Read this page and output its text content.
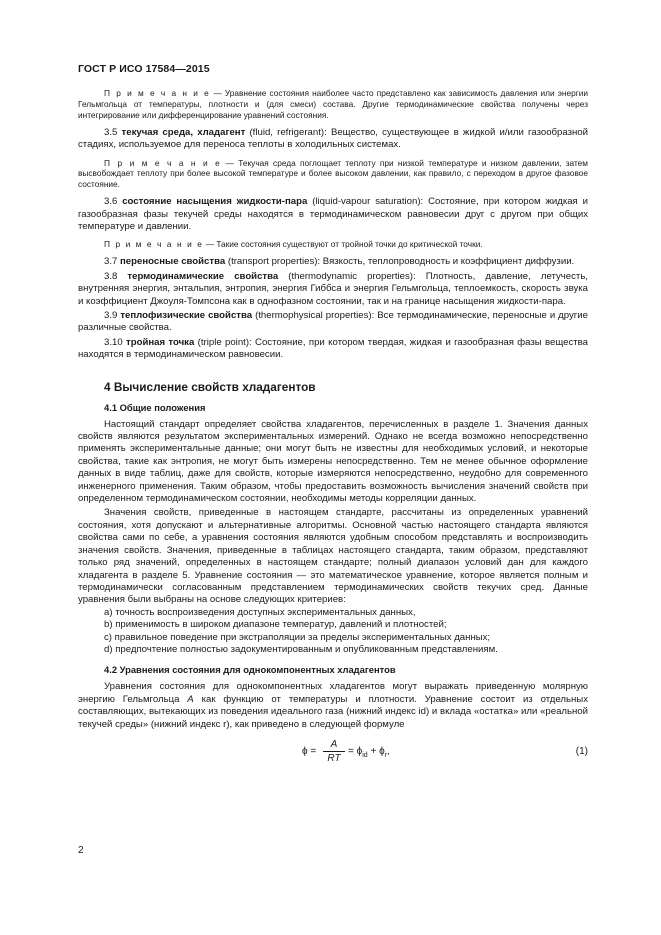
ГОСТ Р ИСО 17584—2015

П р и м е ч а н и е — Уравнение состояния наиболее часто представлено как зависимость давления или энергии Гельмгольца от температуры, плотности и (для смеси) состава. Другие термодинамические свойства получены через интегрирование или дифференцирование уравнений состояния.

3.5 текучая среда, хладагент (fluid, refrigerant): Вещество, существующее в жидкой и/или газообразной стадиях, используемое для переноса теплоты в холодильных системах.

П р и м е ч а н и е — Текучая среда поглощает теплоту при низкой температуре и низком давлении, затем высвобождает теплоту при более высокой температуре и более высоком давлении, как правило, с переходом в другое фазовое состояние.

3.6 состояние насыщения жидкости-пара (liquid-vapour saturation): Состояние, при котором жидкая и газообразная фазы текучей среды находятся в термодинамическом равновесии друг с другом при общих температуре и давлении.

П р и м е ч а н и е — Такие состояния существуют от тройной точки до критической точки.

3.7 переносные свойства (transport properties): Вязкость, теплопроводность и коэффициент диффузии.

3.8 термодинамические свойства (thermodynamic properties): Плотность, давление, летучесть, внутренняя энергия, энтальпия, энтропия, энергия Гиббса и энергия Гельмгольца, теплоемкость, скорость звука и коэффициент Джоуля-Томпсона как в однофазном состоянии, так и на границе насыщения жидкости-пара.

3.9 теплофизические свойства (thermophysical properties): Все термодинамические, переносные и другие различные свойства.

3.10 тройная точка (triple point): Состояние, при котором твердая, жидкая и газообразная фазы вещества находятся в термодинамическом равновесии.

4 Вычисление свойств хладагентов
4.1 Общие положения

Настоящий стандарт определяет свойства хладагентов, перечисленных в разделе 1. Значения данных свойств являются результатом экспериментальных измерений. Однако не всегда возможно непосредственно применять экспериментальные данные; они могут быть не известны для необходимых условий, и некоторые свойства, такие как энтропия, не могут быть измерены непосредственно. Тем не менее обычное оформление данных в виде таблиц, даже для свойств, которые измеряются непосредственно, неудобно для современного инженерного применения. Таким образом, чтобы предоставить возможность вычисления значений свойств при определенном термодинамическом состоянии, необходимы методы корреляции данных.

Значения свойств, приведенные в настоящем стандарте, рассчитаны из определенных уравнений состояния, хотя допускают и альтернативные алгоритмы. Основной частью настоящего стандарта являются свойства сами по себе, а уравнения состояния являются удобным способом представлять и воспроизводить значения свойств. Значения, приведенные в таблицах настоящего стандарта, таким образом, представляют только ряд значений, определенных в настоящем стандарте; полный диапазон условий дан для каждого хладагента в разделе 5. Уравнение состояния — это математическое уравнение, которое является полным и термодинамически согласованным представлением термодинамических свойств текучих сред. Данные уравнения были выбраны на основе следующих критериев:

a) точность воспроизведения доступных экспериментальных данных,

b) применимость в широком диапазоне температур, давлений и плотностей;

c) правильное поведение при экстраполяции за пределы экспериментальных данных;

d) предпочтение полностью задокументированным и опубликованным представлениям.

4.2 Уравнения состояния для однокомпонентных хладагентов

Уравнения состояния для однокомпонентных хладагентов могут выражать приведенную молярную энергию Гельмгольца A как функцию от температуры и плотности. Уравнение состоит из отдельных составляющих, вытекающих из поведения идеального газа (нижний индекс id) и вклада «остатка» или «реальной текучей среды» (нижний индекс r), как приведено в следующей формуле

$\phi = \frac{A}{RT} = \phi_{id} + \phi_r$,	(1)
2
